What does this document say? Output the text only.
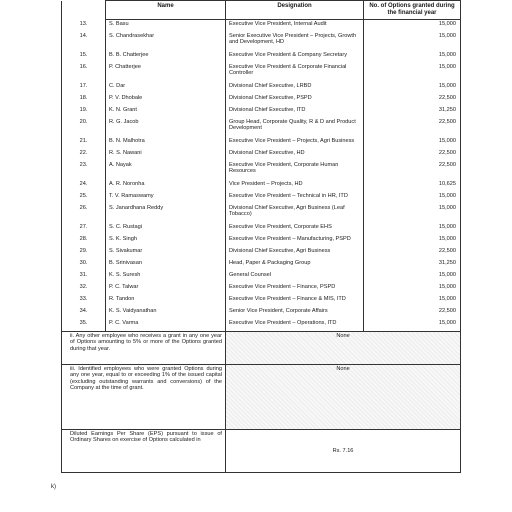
	Name	Designation	No. of Options granted during the financial year
13.	S. Basu	Executive Vice President, Internal Audit	15,000
14.	S. Chandrasekhar	Senior Executive Vice President – Projects, Growth and Development, HD	15,000
15.	B. B. Chatterjee	Executive Vice President & Company Secretary	15,000
16.	P. Chatterjee	Executive Vice President & Corporate Financial Controller	15,000
17.	C. Dar	Divisional Chief Executive, LRBD	15,000
18.	P. V. Dhobale	Divisional Chief Executive, PSPD	22,500
19.	K. N. Grant	Divisional Chief Executive, ITD	31,250
20.	R. G. Jacob	Group Head, Corporate Quality, R & D and Product Development	22,500
21.	B. N. Malhotra	Executive Vice President – Projects, Agri Business	15,000
22.	R. S. Nawani	Divisional Chief Executive, HD	22,500
23.	A. Nayak	Executive Vice President, Corporate Human Resources	22,500
24.	A. R. Noronha	Vice President – Projects, HD	10,625
25.	T. V. Ramaswamy	Executive Vice President – Technical in HR, ITD	15,000
26.	S. Janardhana Reddy	Divisional Chief Executive, Agri Business (Leaf Tobacco)	15,000
27.	S. C. Rustagi	Executive Vice President, Corporate EHS	15,000
28.	S. K. Singh	Executive Vice President – Manufacturing, PSPD	15,000
29.	S. Sivakumar	Divisional Chief Executive, Agri Business	22,500
30.	B. Srinivasan	Head, Paper & Packaging Group	31,250
31.	K. S. Suresh	General Counsel	15,000
32.	P. C. Talwar	Executive Vice President – Finance, PSPD	15,000
33.	R. Tandon	Executive Vice President – Finance & MIS, ITD	15,000
34.	K. S. Vaidyanathan	Senior Vice President, Corporate Affairs	22,500
35.	P. C. Varma	Executive Vice President – Operations, ITD	15,000
ii. Any other employee who receives a grant in any one year of Options amounting to 5% or more of the Options granted during that year.		None	
iii. Identified employees who were granted Options during any one year, equal to or exceeding 1% of the issued capital (excluding outstanding warrants and conversions) of the Company at the time of grant.		None	
Diluted Earnings Per Share (EPS) pursuant to issue of Ordinary Shares on exercise of Options calculated in		Rs. 7.16	
k)
